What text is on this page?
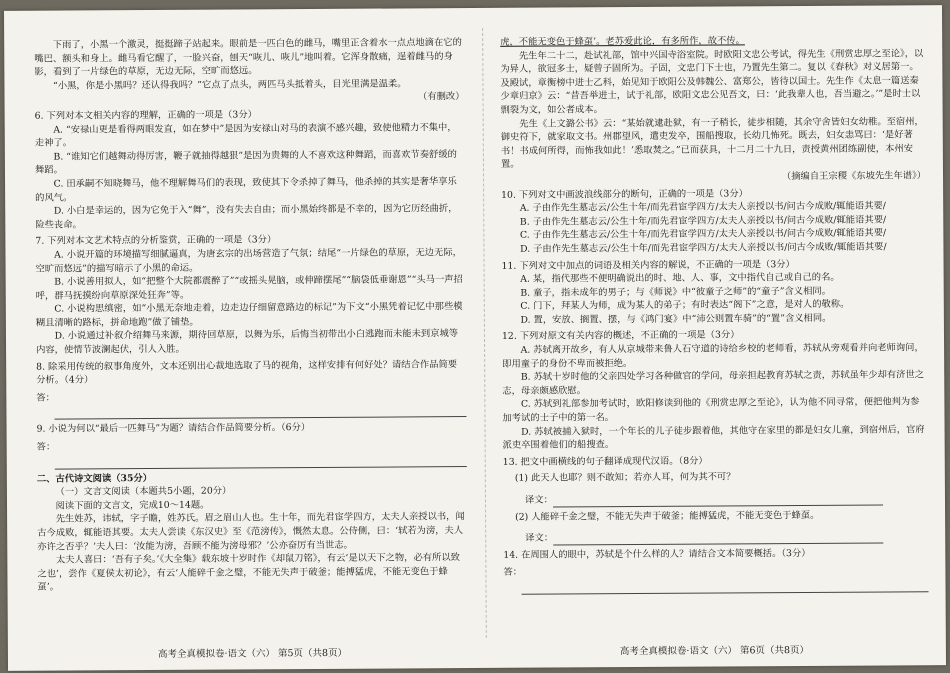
下雨了，小黑一个激灵，挺挺蹄子站起来。眼前是一匹白色的雌马，嘴里正含着水一点点地滴在它的嘴巴、额头和身上。雌马看它醒了，一脸兴奋，刨天“咴儿、咴儿”地叫着。它浑身散痛，逞着雌马的身影，看到了一片绿色的草原，无边无际，空旷而悠远。

“小黑，你是小黑吗？还认得我吗？”它点了点头，两匹马头抵着头，目光里满是温柔。

（有删改）

6. 下列对本文相关内容的理解，正确的一项是（3分）

A. “安禄山更是看得两眼发直，如在梦中”是因为安禄山对马的表演不感兴趣，致使他精力不集中，走神了。

B. “谁知它们越舞动得厉害，鞭子就抽得越狠”是因为贵舞的人不喜欢这种舞蹈，而喜欢节奏舒缓的舞蹈。

C. 田承嗣不知晓舞马，他不理解舞马们的表现，致使其下令杀掉了舞马，他杀掉的其实是奢华享乐的风气。

D. 小白是幸运的，因为它免于入“舞”，没有失去自由；而小黑始终都是不幸的，因为它历经曲折，险些丧命。

7. 下列对本文艺术特点的分析鉴赏，正确的一项是（3分）

A. 小说开篇的环境描写细腻逼真，为唐玄宗的出场营造了气氛；结尾“一片绿色的草原，无边无际，空旷而悠远”的描写暗示了小黑的命运。

B. 小说善用拟人，如“把整个大院都震醉了”“或摇头晃脑，或伸蹄摆尾”“脑袋低垂谢恩”“头马一声招呼，群马抚摸纷向草原深处狂奔”等。

C. 小说构思缜密，如“小黑无奈地走着，边走边仔细留意路边的标记”为下文“小黑凭着记忆中那些模糊且清晰的路标，拼命地跑”做了铺垫。

D. 小说通过补叙介绍舞马来源，期待回草原，以舞为乐，后悔当初带出小白逃跑而未能未到京城等内容，使情节波澜起伏，引人入胜。

8. 除采用传统的叙事角度外，文本还别出心裁地选取了马的视角，这样安排有何好处？请结合作品简要分析。（4分）

答：

9. 小说为何以“最后一匹舞马”为题？请结合作品简要分析。（6分）

答：

二、古代诗文阅读（35分）

（一）文言文阅读（本题共5小题，20分）

阅读下面的文言文，完成10～14题。

先生姓苏，讳轼，字子瞻，姓苏氏。眉之眉山人也。生十年，而先君宦学四方，太夫人亲授以书，闻古今成败，辄能语其要。太夫人尝读《东汉史》至《范滂传》，慨然太息。公侍侧，曰：‘轼若为滂，夫人亦许之否乎？’夫人曰：‘汝能为滂，吾顾不能为滂母邪？’公亦奋厉有当世志。

太夫人喜曰：‘吾有子矣。’《大全集》载东坡十岁时作《却鼠刀铭》，有云‘是以天下之物，必有所以致之也’，尝作《夏侯太初论》，有云‘人能碎千金之璧，不能无失声于破釜；能搏猛虎，不能无变色于蜂虿’。

虎，不能无变色于蜂虿’。老苏爱此论，有多所作，故不传。

先生年二十二，赴试礼部，馆中兴国寺浴室院。时欧阳文忠公考试，得先生《刑赏忠厚之至论》，以为异人，欲冠多士，疑曾子固所为。子固，文忠门下士也，乃置先生第二。复以《春秋》对义居第一。及殿试，章衡榜中进士乙科，始见知于欧阳公及韩魏公、富郑公，皆待以国士。先生作《太息一篇送秦少章归京》云：“昔吾举进士，试于礼部，欧阳文忠公见吾文，曰：‘此我辈人也，吾当避之。’”是时士以剽裂为文，如公者成本。

先生《上文潞公书》云：“某始就逮赴狱，有一子稍长，徒步相随，其余守舍皆妇女幼稚。至宿州，御史符下，就家取文书。州郡望风，遣吏发卒，围船搜取，长幼几怖死。既去，妇女恚骂曰：‘是好著书！书成何所得，而怖我如此！’悉取焚之。”已而获具，十二月二十九日，责授黄州团练副使，本州安置。

（摘编自王宗稷《东坡先生年谱》）

10. 下列对文中画波浪线部分的断句，正确的一项是（3分）

A. 子由作先生墓志云/公生十年/而先君宦学四方/太夫人亲授以书/问古今成败/辄能语其要/

B. 子由作先生墓志云/公生十年/而先君宦学四方/太夫人亲授以书/问古今成败/辄能语其要/

C. 子由作先生墓志云/公生十年/而先君宦学四方/太夫人亲授以书/问古今成败/辄能语其要/

D. 子由作先生墓志云/公生十年/而先君宦学四方/太夫人亲授以书/问古今成败/辄能语其要/

11. 下列对文中加点的词语及相关内容的解说，不正确的一项是（3分）

A. 某，指代那些不便明确说出的时、地、人、事，文中指代自己或自己的名。

B. 童子，指未成年的男子；与《师说》中“彼童子之师”的“童子”含义相同。

C. 门下，拜某人为师，成为某人的弟子；有时表达“阁下”之意，是对人的敬称。

D. 置，安放、搁置、摆，与《鸿门宴》中“沛公则置车骑”的“置”含义相同。

12. 下列对原文有关内容的概述，不正确的一项是（3分）

A. 苏轼离开故乡，有人从京城带来鲁人石守道的诗给乡校的老师看，苏轼从旁观看并向老师询问，即用童子的身份不卑而被拒绝。

B. 苏轼十岁时他的父亲四处学习各种做官的学问，母亲担起教育苏轼之责，苏轼虽年少却有济世之志，母亲颇感欣慰。

C. 苏轼到礼部参加考试时，欧阳修读到他的《刑赏忠厚之至论》，认为他不同寻常，便把他判为参加考试的士子中的第一名。

D. 苏轼被捕入狱时，一个年长的儿子徒步跟着他，其他守在家里的都是妇女儿童，到宿州后，官府派吏卒围着他们的船搜查。

13. 把文中画横线的句子翻译成现代汉语。（8分）

(1) 此天人也耶？则不敢知；若亦人耳，何为其不可？

译文：

(2) 人能碎千金之璧，不能无失声于破釜；能搏猛虎，不能无变色于蜂虿。

译文：

14. 在周围人的眼中，苏轼是个什么样的人？请结合文本简要概括。（3分）

答：

高考全真模拟卷·语文（六） 第5页（共8页）	高考全真模拟卷·语文（六） 第6页（共8页）
